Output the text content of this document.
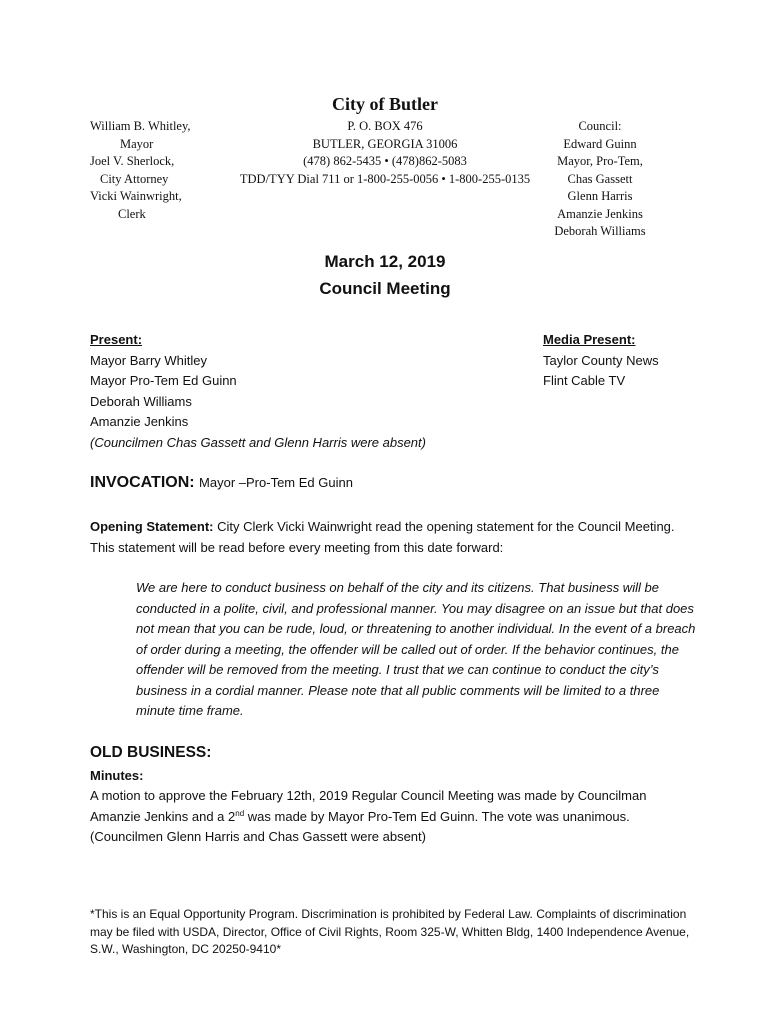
City of Butler
William B. Whitley,
Mayor
Joel V. Sherlock,
City Attorney
Vicki Wainwright,
Clerk
P. O. BOX 476
BUTLER, GEORGIA 31006
(478) 862-5435 • (478)862-5083
TDD/TYY Dial 711 or 1-800-255-0056 • 1-800-255-0135
Council:
Edward Guinn
Mayor, Pro-Tem,
Chas Gassett
Glenn Harris
Amanzie Jenkins
Deborah Williams
March 12, 2019
Council Meeting
Present:
Mayor Barry Whitley
Mayor Pro-Tem Ed Guinn
Deborah Williams
Amanzie Jenkins
(Councilmen Chas Gassett and Glenn Harris were absent)
Media Present:
Taylor County News
Flint Cable TV
INVOCATION: Mayor –Pro-Tem Ed Guinn
Opening Statement: City Clerk Vicki Wainwright read the opening statement for the Council Meeting. This statement will be read before every meeting from this date forward:
We are here to conduct business on behalf of the city and its citizens. That business will be conducted in a polite, civil, and professional manner. You may disagree on an issue but that does not mean that you can be rude, loud, or threatening to another individual. In the event of a breach of order during a meeting, the offender will be called out of order. If the behavior continues, the offender will be removed from the meeting. I trust that we can continue to conduct the city’s business in a cordial manner. Please note that all public comments will be limited to a three minute time frame.
OLD BUSINESS:
Minutes:
A motion to approve the February 12th, 2019 Regular Council Meeting was made by Councilman Amanzie Jenkins and a 2nd was made by Mayor Pro-Tem Ed Guinn. The vote was unanimous. (Councilmen Glenn Harris and Chas Gassett were absent)
*This is an Equal Opportunity Program. Discrimination is prohibited by Federal Law. Complaints of discrimination may be filed with USDA, Director, Office of Civil Rights, Room 325-W, Whitten Bldg, 1400 Independence Avenue, S.W., Washington, DC 20250-9410*
